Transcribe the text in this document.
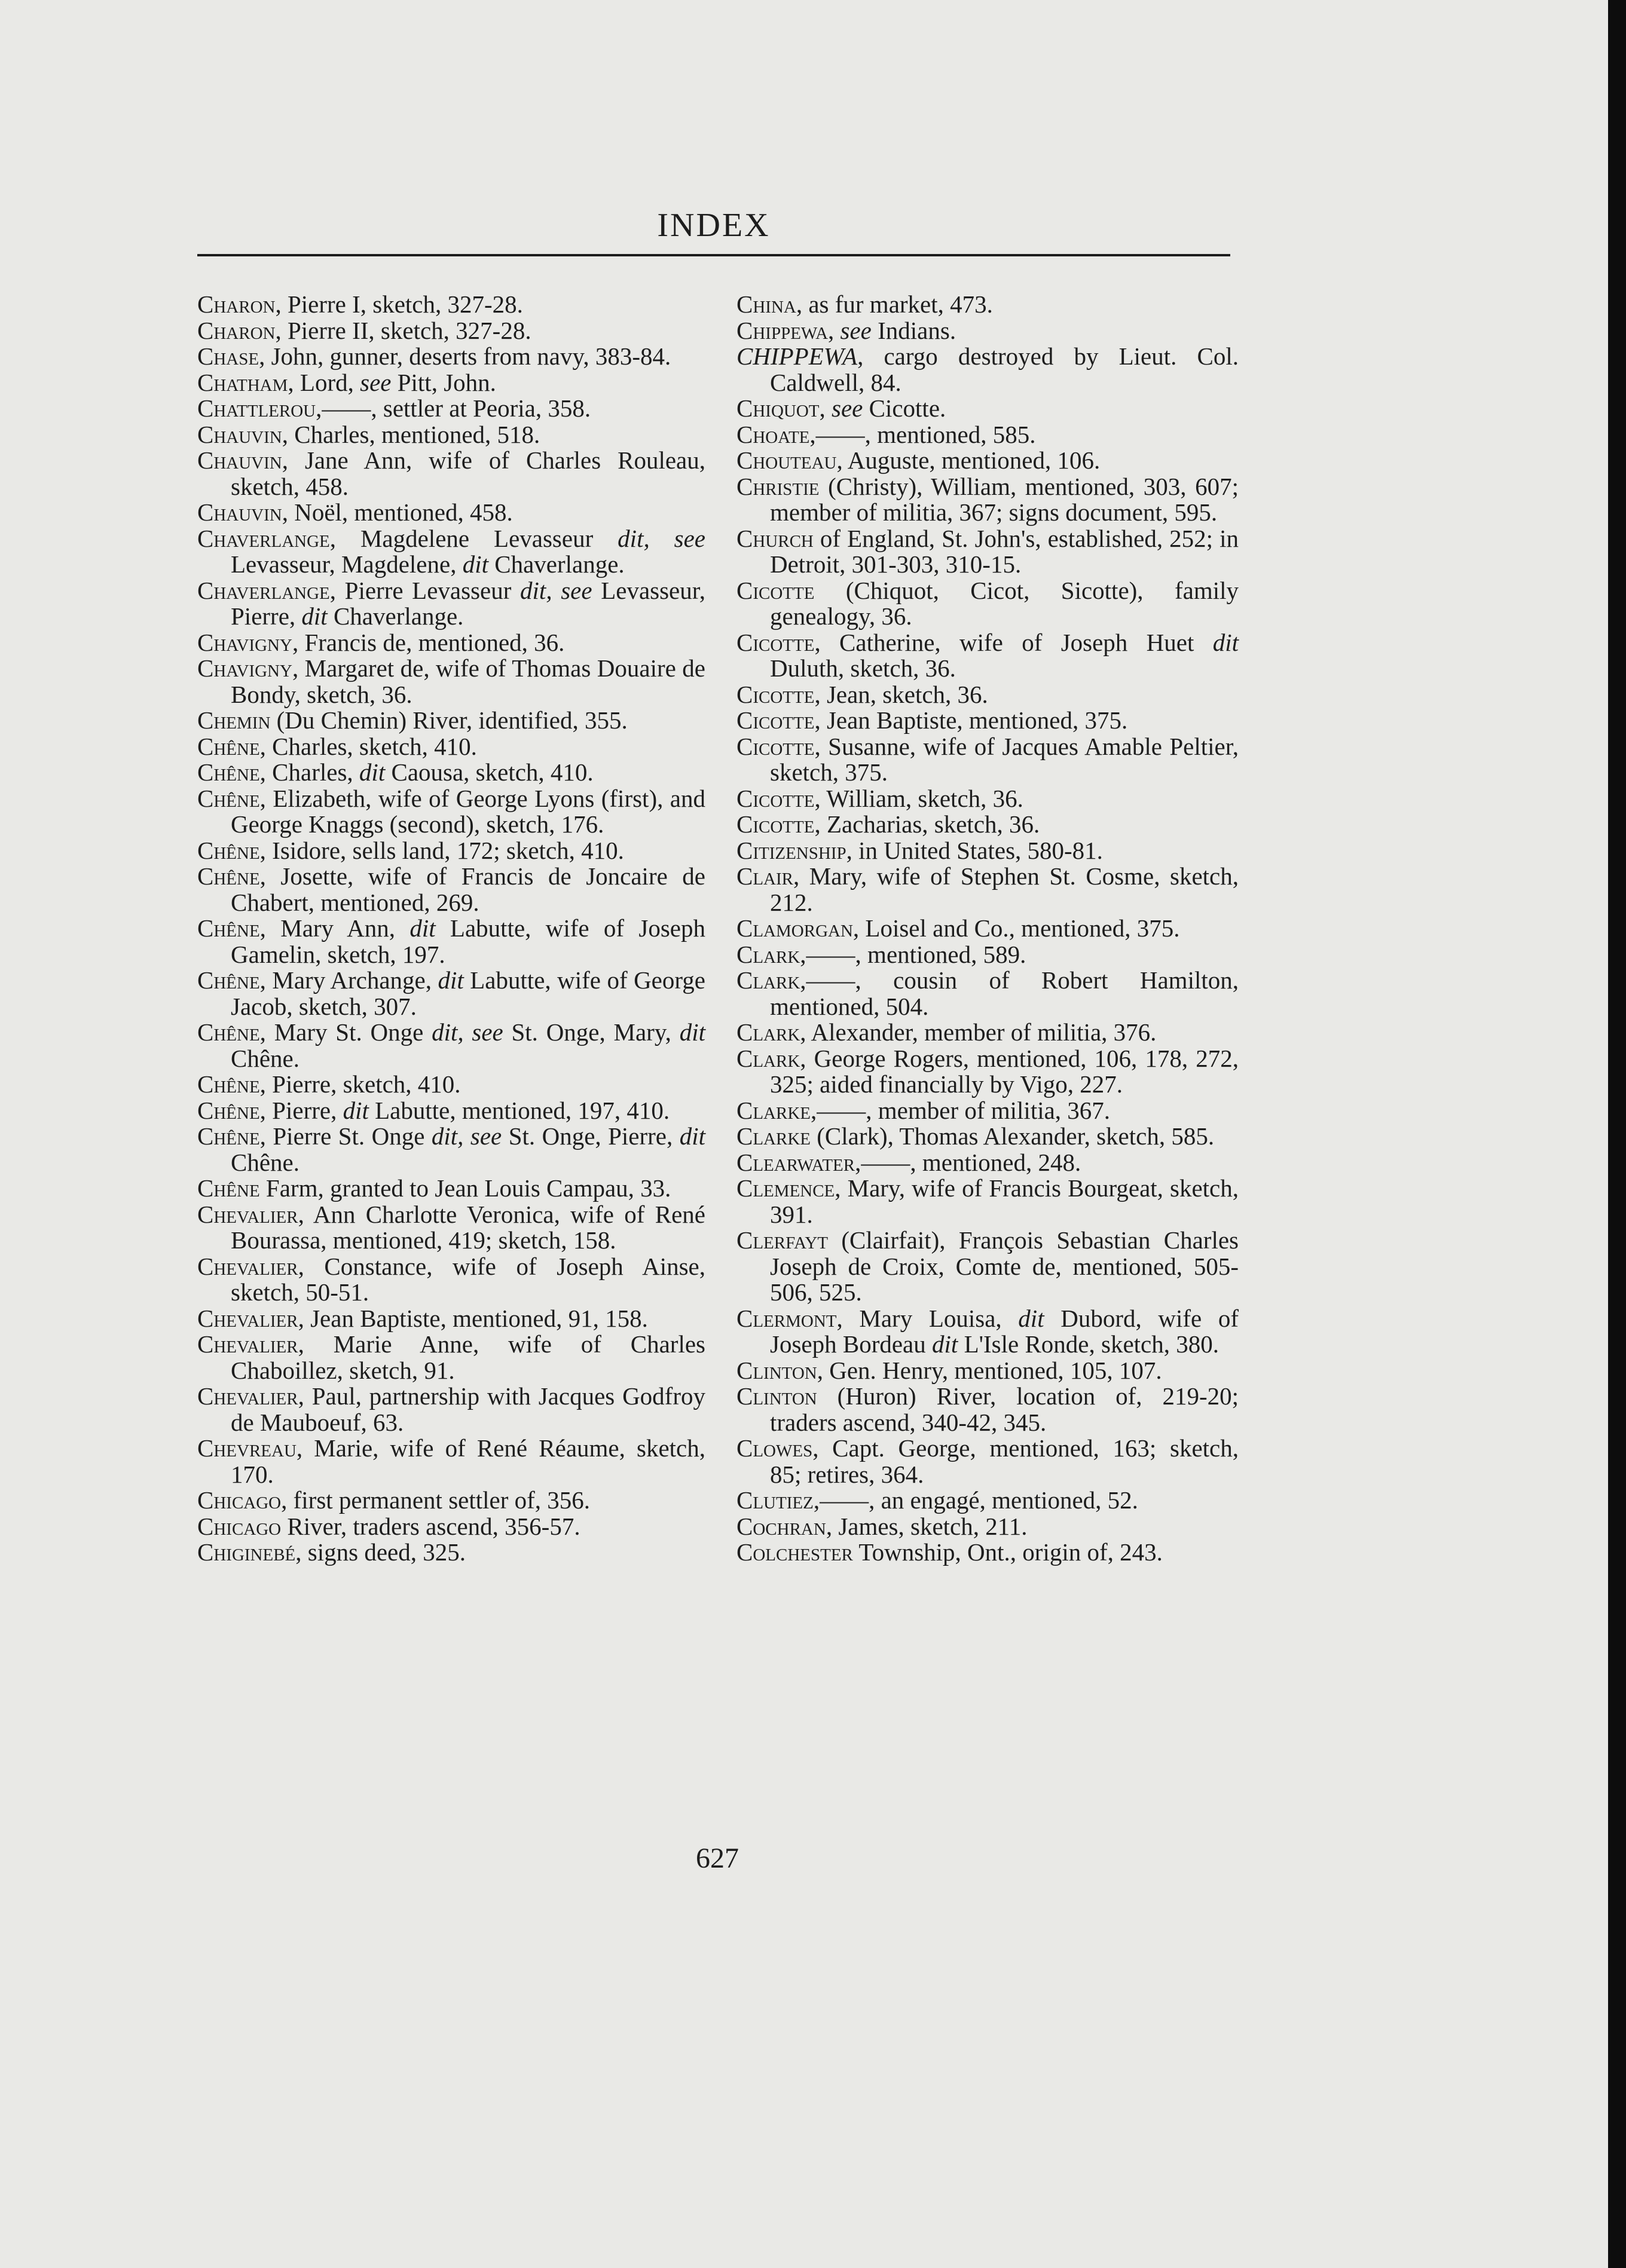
INDEX

Charon, Pierre I, sketch, 327-28.

Charon, Pierre II, sketch, 327-28.

Chase, John, gunner, deserts from navy, 383-84.

Chatham, Lord, see Pitt, John.

Chattlerou,——, settler at Peoria, 358.

Chauvin, Charles, mentioned, 518.

Chauvin, Jane Ann, wife of Charles Rouleau, sketch, 458.

Chauvin, Noël, mentioned, 458.

Chaverlange, Magdelene Levasseur dit, see Levasseur, Magdelene, dit Chaverlange.

Chaverlange, Pierre Levasseur dit, see Levasseur, Pierre, dit Chaverlange.

Chavigny, Francis de, mentioned, 36.

Chavigny, Margaret de, wife of Thomas Douaire de Bondy, sketch, 36.

Chemin (Du Chemin) River, identified, 355.

Chêne, Charles, sketch, 410.

Chêne, Charles, dit Caousa, sketch, 410.

Chêne, Elizabeth, wife of George Lyons (first), and George Knaggs (second), sketch, 176.

Chêne, Isidore, sells land, 172; sketch, 410.

Chêne, Josette, wife of Francis de Joncaire de Chabert, mentioned, 269.

Chêne, Mary Ann, dit Labutte, wife of Joseph Gamelin, sketch, 197.

Chêne, Mary Archange, dit Labutte, wife of George Jacob, sketch, 307.

Chêne, Mary St. Onge dit, see St. Onge, Mary, dit Chêne.

Chêne, Pierre, sketch, 410.

Chêne, Pierre, dit Labutte, mentioned, 197, 410.

Chêne, Pierre St. Onge dit, see St. Onge, Pierre, dit Chêne.

Chêne Farm, granted to Jean Louis Campau, 33.

Chevalier, Ann Charlotte Veronica, wife of René Bourassa, mentioned, 419; sketch, 158.

Chevalier, Constance, wife of Joseph Ainse, sketch, 50-51.

Chevalier, Jean Baptiste, mentioned, 91, 158.

Chevalier, Marie Anne, wife of Charles Chaboillez, sketch, 91.

Chevalier, Paul, partnership with Jacques Godfroy de Mauboeuf, 63.

Chevreau, Marie, wife of René Réaume, sketch, 170.

Chicago, first permanent settler of, 356.

Chicago River, traders ascend, 356-57.

Chiginebé, signs deed, 325.

China, as fur market, 473.

Chippewa, see Indians.

CHIPPEWA, cargo destroyed by Lieut. Col. Caldwell, 84.

Chiquot, see Cicotte.

Choate,——, mentioned, 585.

Chouteau, Auguste, mentioned, 106.

Christie (Christy), William, mentioned, 303, 607; member of militia, 367; signs document, 595.

Church of England, St. John's, established, 252; in Detroit, 301-303, 310-15.

Cicotte (Chiquot, Cicot, Sicotte), family genealogy, 36.

Cicotte, Catherine, wife of Joseph Huet dit Duluth, sketch, 36.

Cicotte, Jean, sketch, 36.

Cicotte, Jean Baptiste, mentioned, 375.

Cicotte, Susanne, wife of Jacques Amable Peltier, sketch, 375.

Cicotte, William, sketch, 36.

Cicotte, Zacharias, sketch, 36.

Citizenship, in United States, 580-81.

Clair, Mary, wife of Stephen St. Cosme, sketch, 212.

Clamorgan, Loisel and Co., mentioned, 375.

Clark,——, mentioned, 589.

Clark,——, cousin of Robert Hamilton, mentioned, 504.

Clark, Alexander, member of militia, 376.

Clark, George Rogers, mentioned, 106, 178, 272, 325; aided financially by Vigo, 227.

Clarke,——, member of militia, 367.

Clarke (Clark), Thomas Alexander, sketch, 585.

Clearwater,——, mentioned, 248.

Clemence, Mary, wife of Francis Bourgeat, sketch, 391.

Clerfayt (Clairfait), François Sebastian Charles Joseph de Croix, Comte de, mentioned, 505-506, 525.

Clermont, Mary Louisa, dit Dubord, wife of Joseph Bordeau dit L'Isle Ronde, sketch, 380.

Clinton, Gen. Henry, mentioned, 105, 107.

Clinton (Huron) River, location of, 219-20; traders ascend, 340-42, 345.

Clowes, Capt. George, mentioned, 163; sketch, 85; retires, 364.

Clutiez,——, an engagé, mentioned, 52.

Cochran, James, sketch, 211.

Colchester Township, Ont., origin of, 243.

627
